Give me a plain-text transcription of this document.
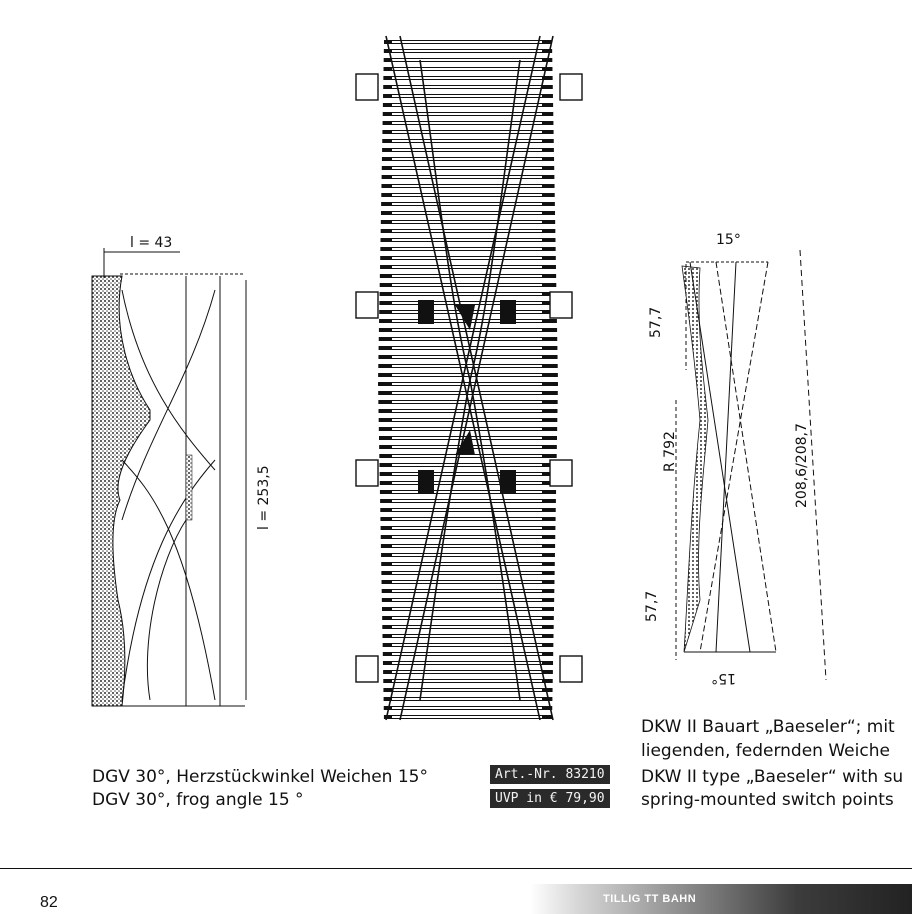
l = 43
l = 253,5
15°
15°
57,7
57,7
R 792	208,6/208,7
DGV 30°, Herzstückwinkel Weichen 15°
DGV 30°, frog angle 15 °
Art.-Nr. 83210
UVP in € 79,90
DKW II Bauart „Baeseler“; mit
liegenden, federnden Weiche
DKW II type „Baeseler“ with su
spring-mounted switch points
82	TILLIG TT BAHN
